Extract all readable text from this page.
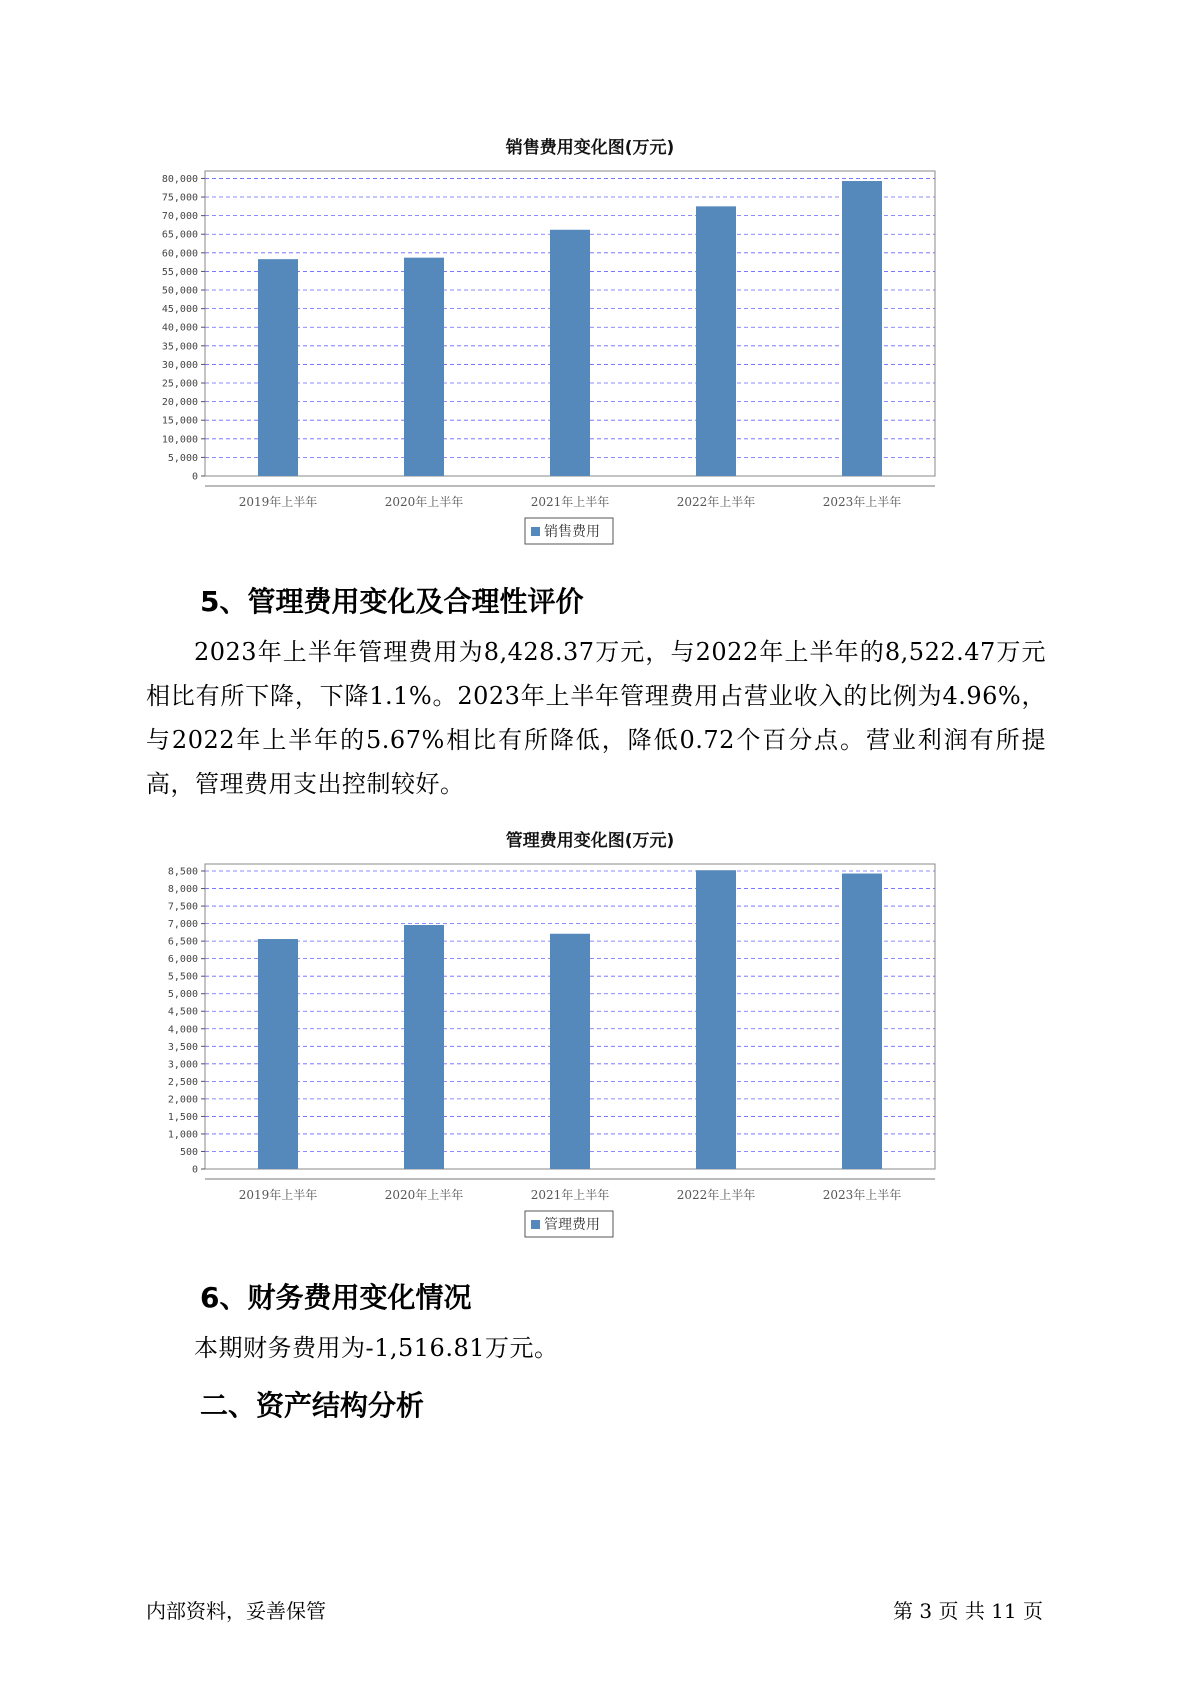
销售费用变化图(万元)
0
5,000
10,000
15,000
20,000
25,000
30,000
35,000
40,000
45,000
50,000
55,000
60,000
65,000
70,000
75,000
80,000
2019年上半年	2020年上半年	2021年上半年	2022年上半年	2023年上半年
销售费用
5、管理费用变化及合理性评价
2023年上半年管理费用为8,428.37万元，与2022年上半年的8,522.47万元相比有所下降，下降1.1%。2023年上半年管理费用占营业收入的比例为4.96%，与2022年上半年的5.67%相比有所降低，降低0.72个百分点。营业利润有所提高，管理费用支出控制较好。
管理费用变化图(万元)
0
500
1,000
1,500
2,000
2,500
3,000
3,500
4,000
4,500
5,000
5,500
6,000
6,500
7,000
7,500
8,000
8,500
2019年上半年	2020年上半年	2021年上半年	2022年上半年	2023年上半年
管理费用
6、财务费用变化情况
本期财务费用为-1,516.81万元。
二、资产结构分析
内部资料，妥善保管	第 3 页 共 11 页
